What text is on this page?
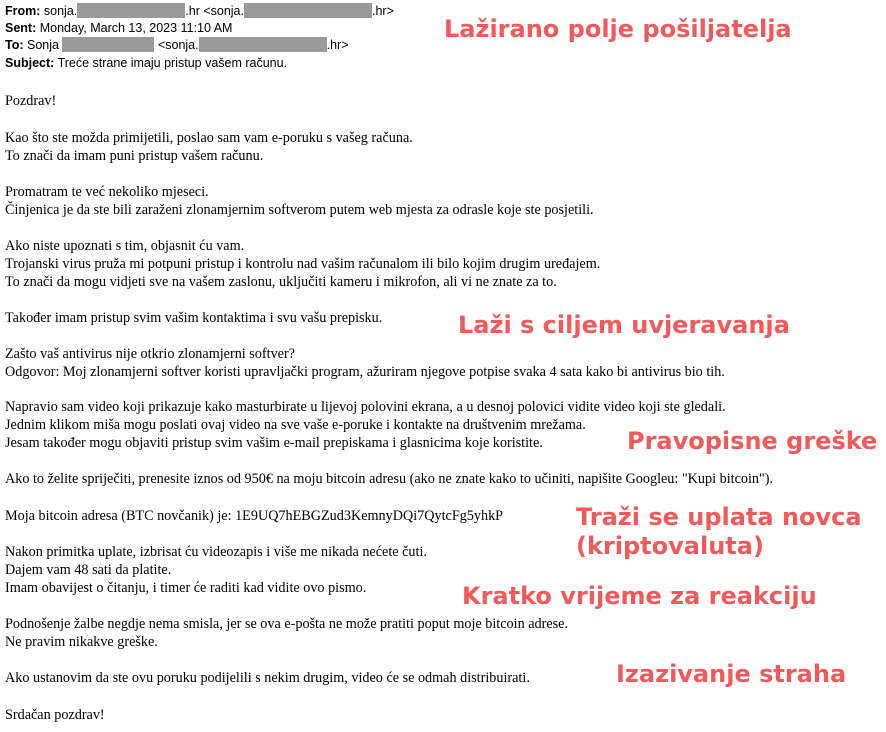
From: sonja.	.hr <sonja.	.hr>
Sent: Monday, March 13, 2023 11:10 AM
To: Sonja	<sonja.	.hr>
Subject: Treće strane imaju pristup vašem računu.
Pozdrav!
Kao što ste možda primijetili, poslao sam vam e-poruku s vašeg računa.
To znači da imam puni pristup vašem računu.
Promatram te već nekoliko mjeseci.
Činjenica je da ste bili zaraženi zlonamjernim softverom putem web mjesta za odrasle koje ste posjetili.
Ako niste upoznati s tim, objasnit ću vam.
Trojanski virus pruža mi potpuni pristup i kontrolu nad vašim računalom ili bilo kojim drugim uređajem.
To znači da mogu vidjeti sve na vašem zaslonu, uključiti kameru i mikrofon, ali vi ne znate za to.
Također imam pristup svim vašim kontaktima i svu vašu prepisku.
Zašto vaš antivirus nije otkrio zlonamjerni softver?
Odgovor: Moj zlonamjerni softver koristi upravljački program, ažuriram njegove potpise svaka 4 sata kako bi antivirus bio tih.
Napravio sam video koji prikazuje kako masturbirate u lijevoj polovini ekrana, a u desnoj polovici vidite video koji ste gledali.
Jednim klikom miša mogu poslati ovaj video na sve vaše e-poruke i kontakte na društvenim mrežama.
Jesam također mogu objaviti pristup svim vašim e-mail prepiskama i glasnicima koje koristite.
Ako to želite spriječiti, prenesite iznos od 950€ na moju bitcoin adresu (ako ne znate kako to učiniti, napišite Googleu: "Kupi bitcoin").
Moja bitcoin adresa (BTC novčanik) je: 1E9UQ7hEBGZud3KemnyDQi7QytcFg5yhkP
Nakon primitka uplate, izbrisat ću videozapis i više me nikada nećete čuti.
Dajem vam 48 sati da platite.
Imam obavijest o čitanju, i timer će raditi kad vidite ovo pismo.
Podnošenje žalbe negdje nema smisla, jer se ova e-pošta ne može pratiti poput moje bitcoin adrese.
Ne pravim nikakve greške.
Ako ustanovim da ste ovu poruku podijelili s nekim drugim, video će se odmah distribuirati.
Srdačan pozdrav!
Lažirano polje pošiljatelja
Laži s ciljem uvjeravanja
Pravopisne greške
Traži se uplata novca
(kriptovaluta)
Kratko vrijeme za reakciju
Izazivanje straha
